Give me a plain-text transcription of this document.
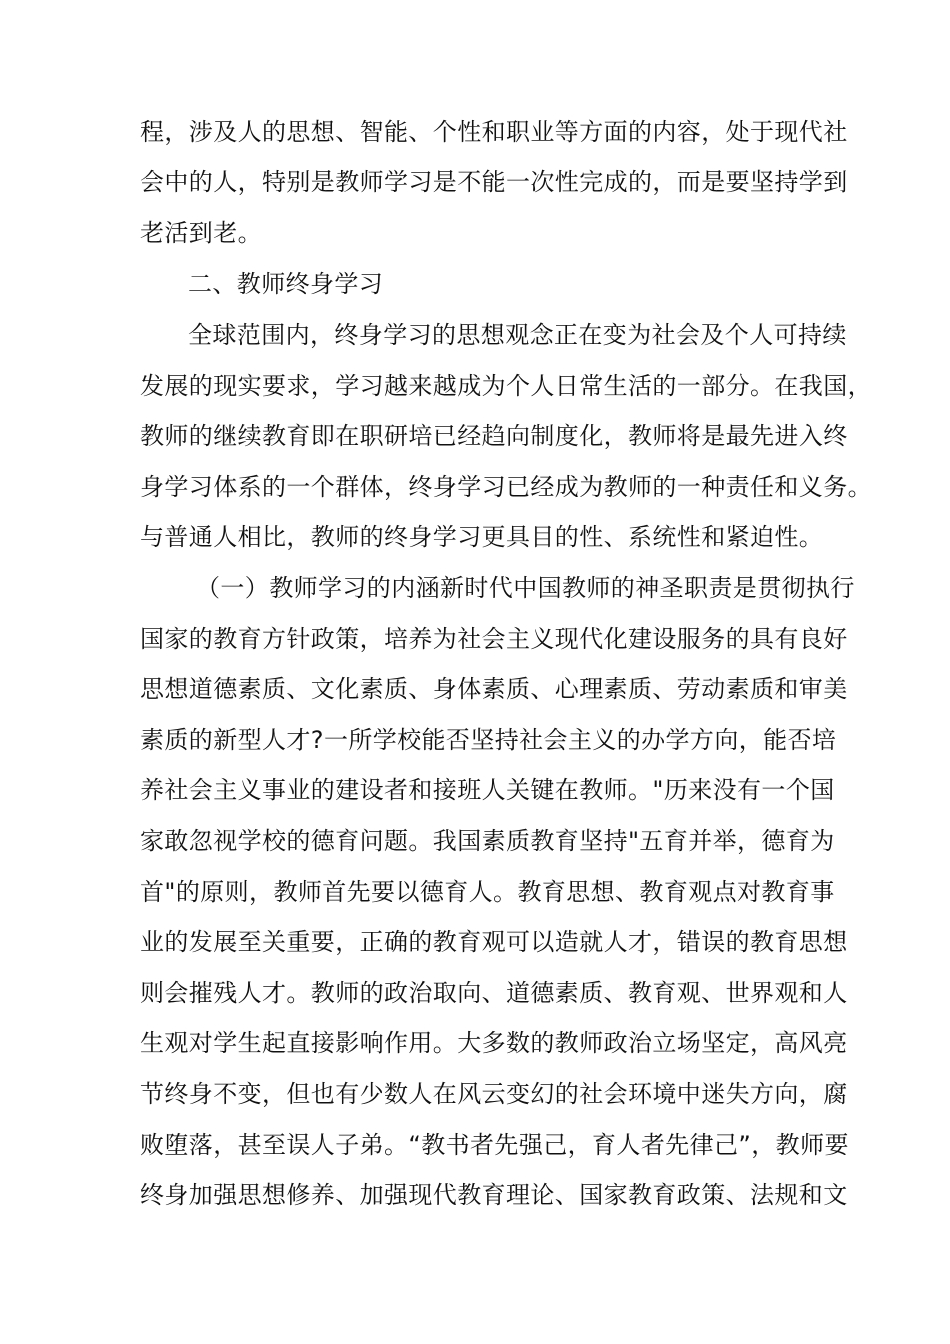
程，涉及人的思想、智能、个性和职业等方面的内容，处于现代社
会中的人，特别是教师学习是不能一次性完成的，而是要坚持学到
老活到老。
二、教师终身学习
全球范围内，终身学习的思想观念正在变为社会及个人可持续
发展的现实要求，学习越来越成为个人日常生活的一部分。在我国，
教师的继续教育即在职研培已经趋向制度化，教师将是最先进入终
身学习体系的一个群体，终身学习已经成为教师的一种责任和义务。
与普通人相比，教师的终身学习更具目的性、系统性和紧迫性。
（一）教师学习的内涵新时代中国教师的神圣职责是贯彻执行
国家的教育方针政策，培养为社会主义现代化建设服务的具有良好
思想道德素质、文化素质、身体素质、心理素质、劳动素质和审美
素质的新型人才?一所学校能否坚持社会主义的办学方向，能否培
养社会主义事业的建设者和接班人关键在教师。"历来没有一个国
家敢忽视学校的德育问题。我国素质教育坚持"五育并举，德育为
首"的原则，教师首先要以德育人。教育思想、教育观点对教育事
业的发展至关重要，正确的教育观可以造就人才，错误的教育思想
则会摧残人才。教师的政治取向、道德素质、教育观、世界观和人
生观对学生起直接影响作用。大多数的教师政治立场坚定，高风亮
节终身不变，但也有少数人在风云变幻的社会环境中迷失方向，腐
败堕落，甚至误人子弟。“教书者先强己，育人者先律己”，教师要
终身加强思想修养、加强现代教育理论、国家教育政策、法规和文
